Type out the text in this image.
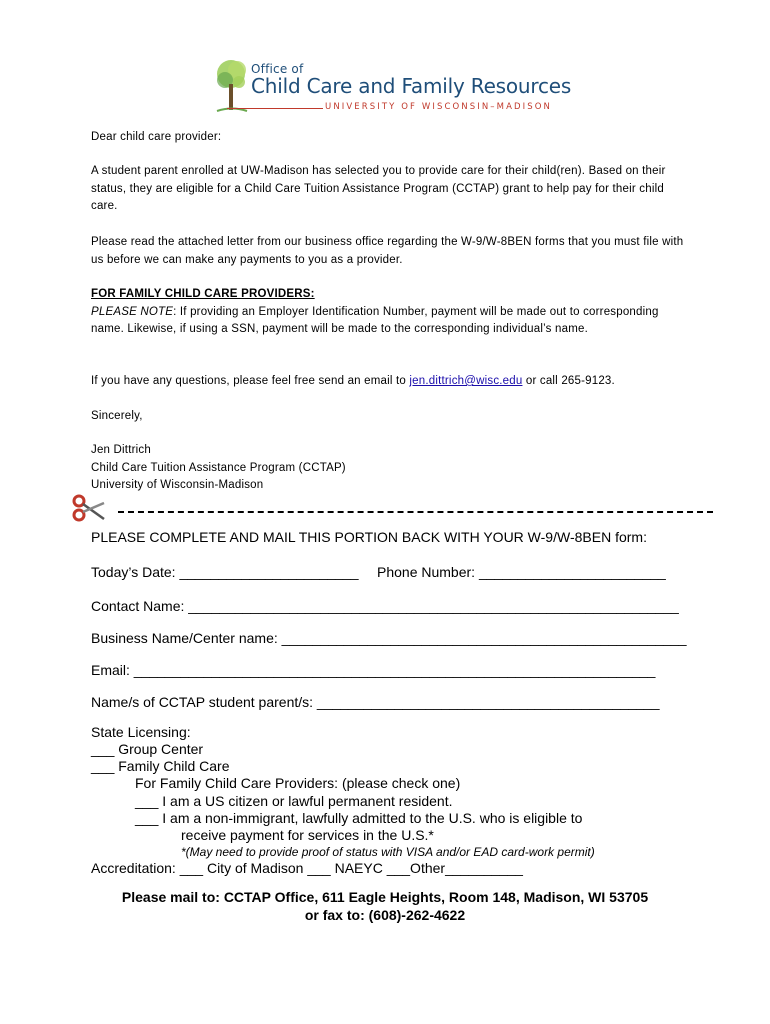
Office of
Child Care and Family Resources
UNIVERSITY OF WISCONSIN–MADISON

Dear child care provider:

A student parent enrolled at UW-Madison has selected you to provide care for their child(ren). Based on their status, they are eligible for a Child Care Tuition Assistance Program (CCTAP) grant to help pay for their child care.

Please read the attached letter from our business office regarding the W-9/W-8BEN forms that you must file with us before we can make any payments to you as a provider.

FOR FAMILY CHILD CARE PROVIDERS:

PLEASE NOTE: If providing an Employer Identification Number, payment will be made out to corresponding name. Likewise, if using a SSN, payment will be made to the corresponding individual’s name.

If you have any questions, please feel free send an email to jen.dittrich@wisc.edu or call 265-9123.

Sincerely,

Jen Dittrich

Child Care Tuition Assistance Program (CCTAP)

University of Wisconsin-Madison

PLEASE COMPLETE AND MAIL THIS PORTION BACK WITH YOUR W-9/W-8BEN form:
Today’s Date: _______________________ Phone Number: ________________________
Contact Name: _______________________________________________________________
Business Name/Center name: ____________________________________________________
Email: ___________________________________________________________________
Name/s of CCTAP student parent/s: ____________________________________________
State Licensing:
___ Group Center
___ Family Child Care
For Family Child Care Providers: (please check one)
___ I am a US citizen or lawful permanent resident.
___ I am a non-immigrant, lawfully admitted to the U.S. who is eligible to
receive payment for services in the U.S.*
*(May need to provide proof of status with VISA and/or EAD card-work permit)
Accreditation: ___ City of Madison ___ NAEYC ___Other__________
Please mail to: CCTAP Office, 611 Eagle Heights, Room 148, Madison, WI 53705
or fax to: (608)-262-4622
